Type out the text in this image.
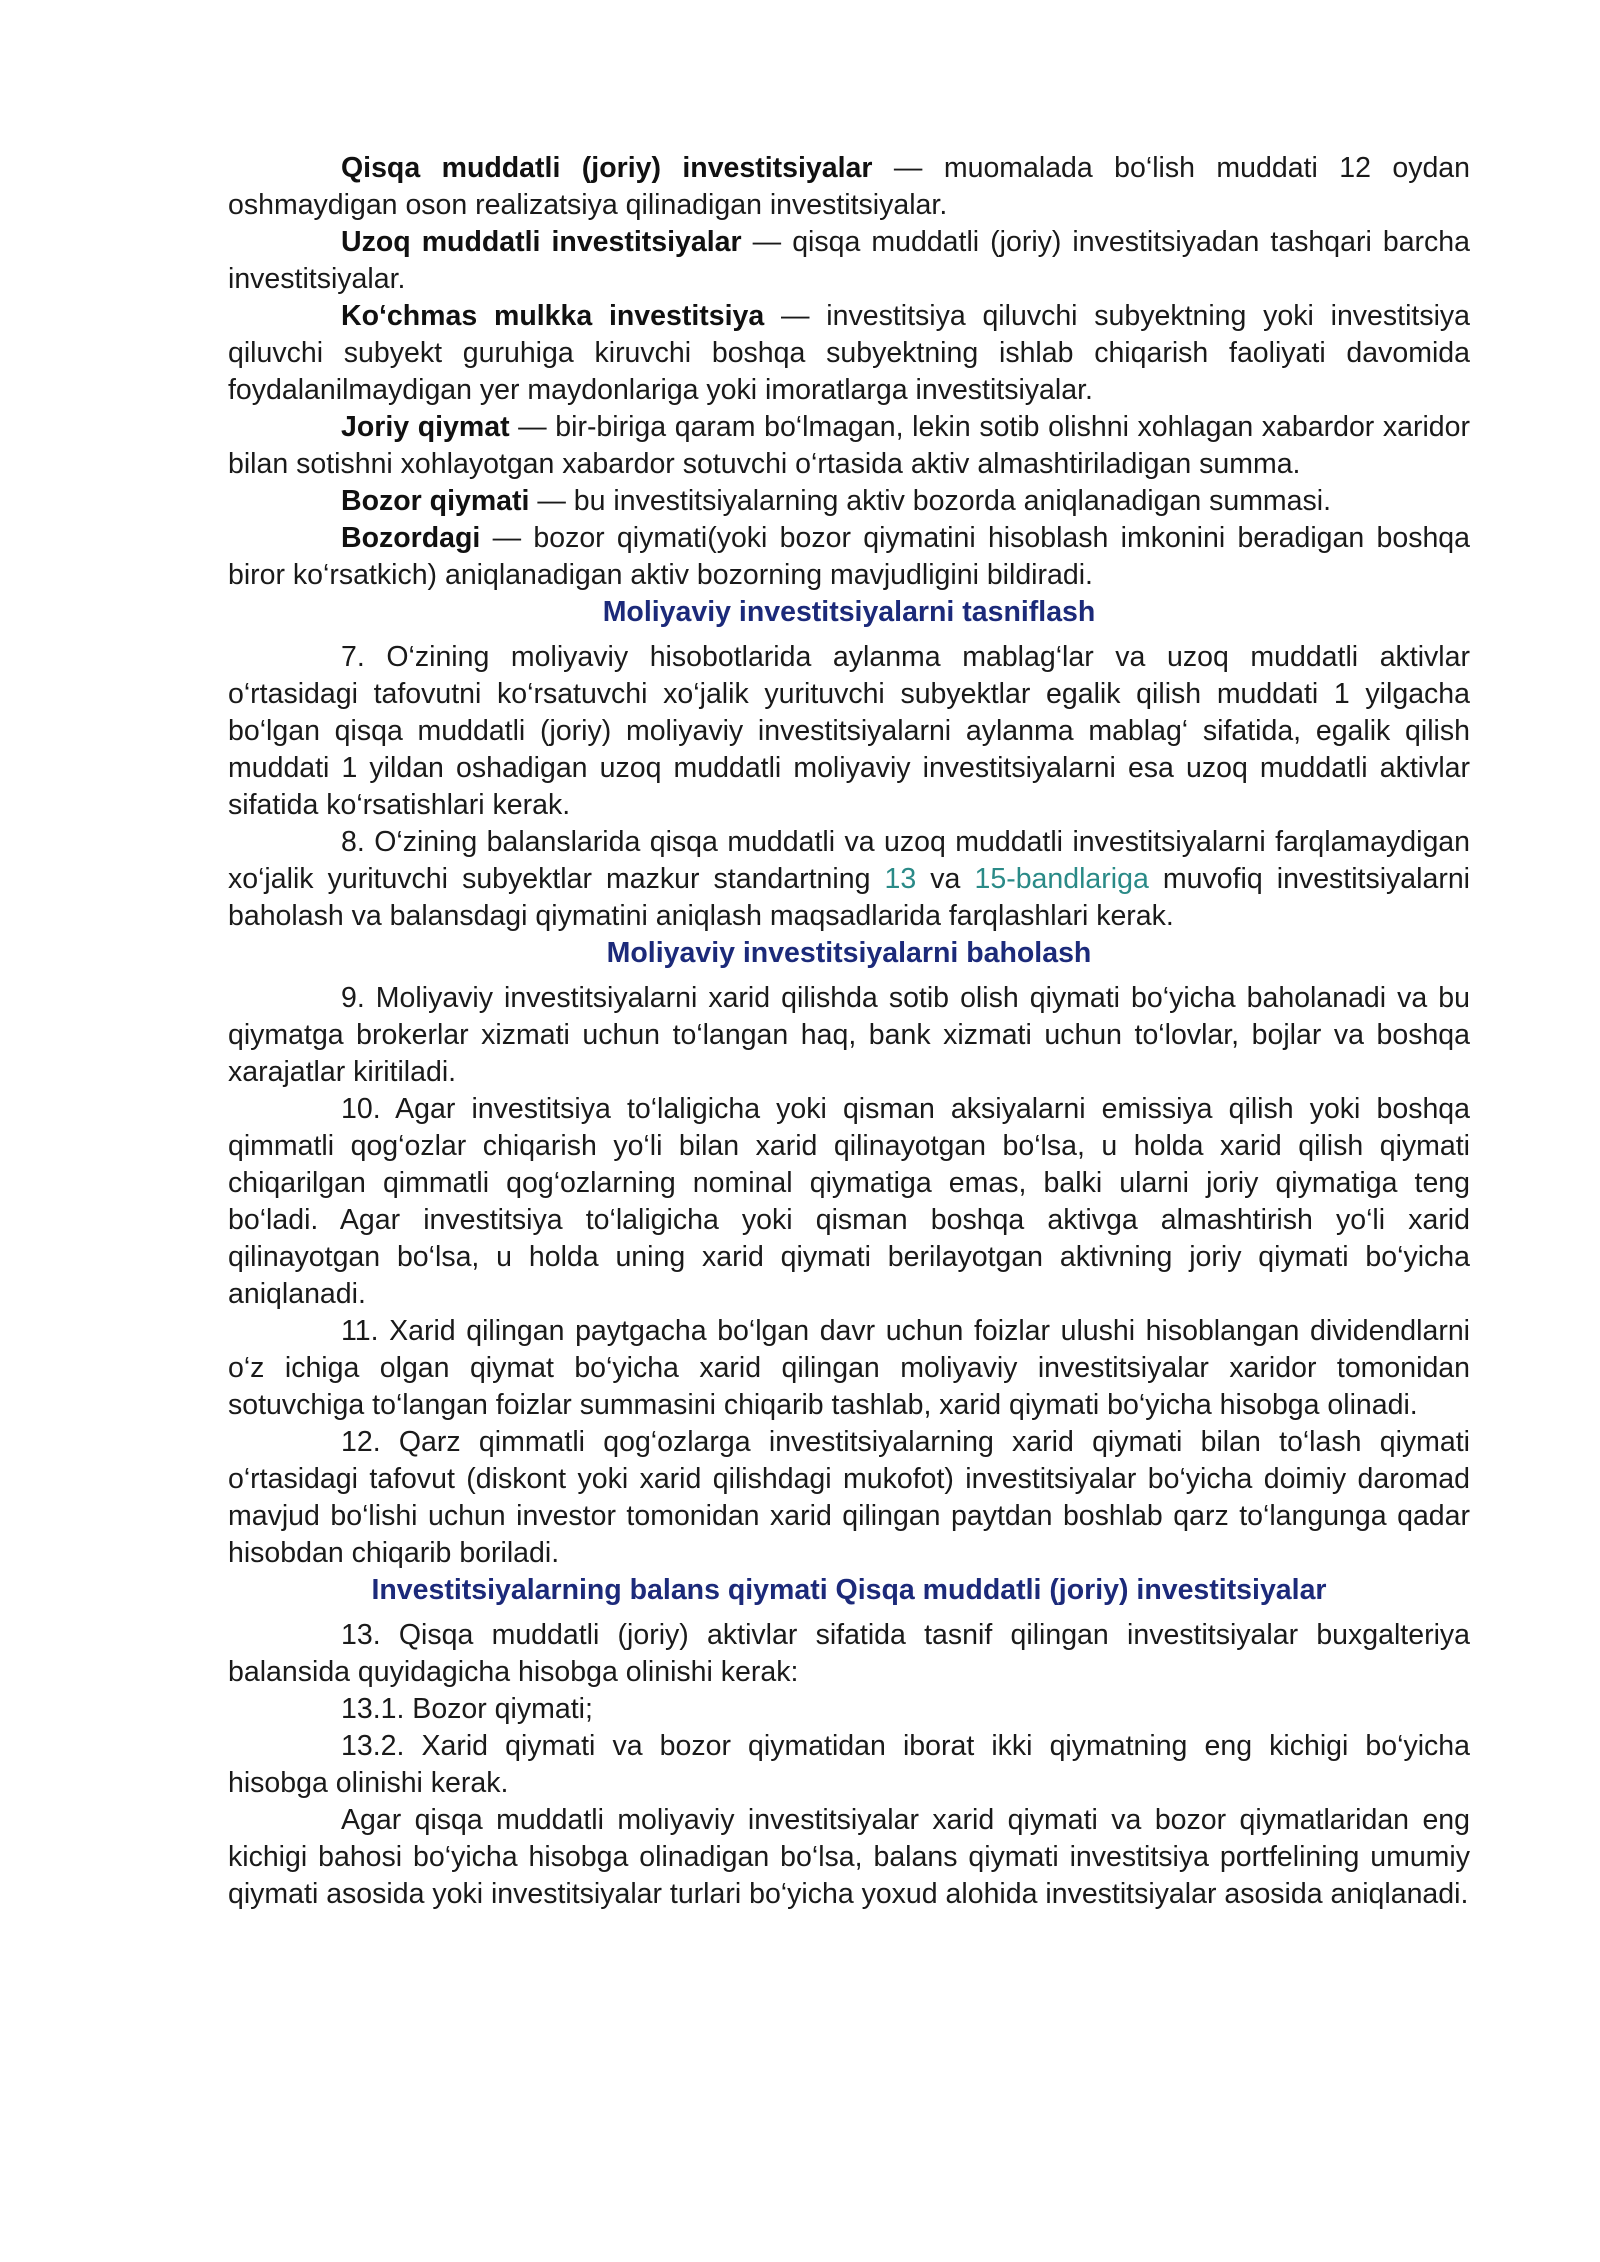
Qisqa muddatli (joriy) investitsiyalar — muomalada bo‘lish muddati 12 oydan oshmaydigan oson realizatsiya qilinadigan investitsiyalar.

Uzoq muddatli investitsiyalar — qisqa muddatli (joriy) investitsiyadan tashqari barcha investitsiyalar.

Ko‘chmas mulkka investitsiya — investitsiya qiluvchi subyektning yoki investitsiya qiluvchi subyekt guruhiga kiruvchi boshqa subyektning ishlab chiqarish faoliyati davomida foydalanilmaydigan yer maydonlariga yoki imoratlarga investitsiyalar.

Joriy qiymat — bir-biriga qaram bo‘lmagan, lekin sotib olishni xohlagan xabardor xaridor bilan sotishni xohlayotgan xabardor sotuvchi o‘rtasida aktiv almashtiriladigan summa.

Bozor qiymati — bu investitsiyalarning aktiv bozorda aniqlanadigan summasi.

Bozordagi — bozor qiymati(yoki bozor qiymatini hisoblash imkonini beradigan boshqa biror ko‘rsatkich) aniqlanadigan aktiv bozorning mavjudligini bildiradi.

Moliyaviy investitsiyalarni tasniflash

7. O‘zining moliyaviy hisobotlarida aylanma mablag‘lar va uzoq muddatli aktivlar o‘rtasidagi tafovutni ko‘rsatuvchi xo‘jalik yurituvchi subyektlar egalik qilish muddati 1 yilgacha bo‘lgan qisqa muddatli (joriy) moliyaviy investitsiyalarni aylanma mablag‘ sifatida, egalik qilish muddati 1 yildan oshadigan uzoq muddatli moliyaviy investitsiyalarni esa uzoq muddatli aktivlar sifatida ko‘rsatishlari kerak.

8. O‘zining balanslarida qisqa muddatli va uzoq muddatli investitsiyalarni farqlamaydigan xo‘jalik yurituvchi subyektlar mazkur standartning 13 va 15-bandlariga muvofiq investitsiyalarni baholash va balansdagi qiymatini aniqlash maqsadlarida farqlashlari kerak.

Moliyaviy investitsiyalarni baholash

9. Moliyaviy investitsiyalarni xarid qilishda sotib olish qiymati bo‘yicha baholanadi va bu qiymatga brokerlar xizmati uchun to‘langan haq, bank xizmati uchun to‘lovlar, bojlar va boshqa xarajatlar kiritiladi.

10. Agar investitsiya to‘laligicha yoki qisman aksiyalarni emissiya qilish yoki boshqa qimmatli qog‘ozlar chiqarish yo‘li bilan xarid qilinayotgan bo‘lsa, u holda xarid qilish qiymati chiqarilgan qimmatli qog‘ozlarning nominal qiymatiga emas, balki ularni joriy qiymatiga teng bo‘ladi. Agar investitsiya to‘laligicha yoki qisman boshqa aktivga almashtirish yo‘li xarid qilinayotgan bo‘lsa, u holda uning xarid qiymati berilayotgan aktivning joriy qiymati bo‘yicha aniqlanadi.

11. Xarid qilingan paytgacha bo‘lgan davr uchun foizlar ulushi hisoblangan dividendlarni o‘z ichiga olgan qiymat bo‘yicha xarid qilingan moliyaviy investitsiyalar xaridor tomonidan sotuvchiga to‘langan foizlar summasini chiqarib tashlab, xarid qiymati bo‘yicha hisobga olinadi.

12. Qarz qimmatli qog‘ozlarga investitsiyalarning xarid qiymati bilan to‘lash qiymati o‘rtasidagi tafovut (diskont yoki xarid qilishdagi mukofot) investitsiyalar bo‘yicha doimiy daromad mavjud bo‘lishi uchun investor tomonidan xarid qilingan paytdan boshlab qarz to‘langunga qadar hisobdan chiqarib boriladi.

Investitsiyalarning balans qiymati Qisqa muddatli (joriy) investitsiyalar

13. Qisqa muddatli (joriy) aktivlar sifatida tasnif qilingan investitsiyalar buxgalteriya balansida quyidagicha hisobga olinishi kerak:

13.1. Bozor qiymati;

13.2. Xarid qiymati va bozor qiymatidan iborat ikki qiymatning eng kichigi bo‘yicha hisobga olinishi kerak.

Agar qisqa muddatli moliyaviy investitsiyalar xarid qiymati va bozor qiymatlaridan eng kichigi bahosi bo‘yicha hisobga olinadigan bo‘lsa, balans qiymati investitsiya portfelining umumiy qiymati asosida yoki investitsiyalar turlari bo‘yicha yoxud alohida investitsiyalar asosida aniqlanadi.
